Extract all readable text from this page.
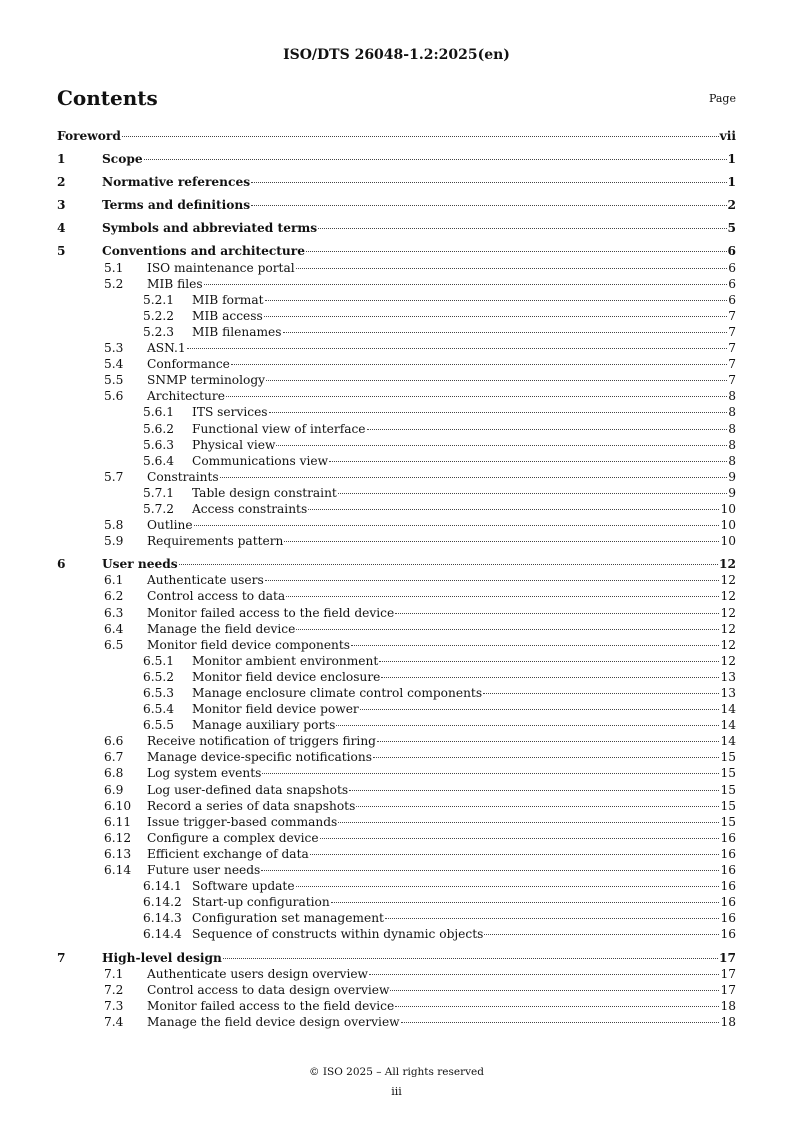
ISO/DTS 26048-1.2:2025(en)
Contents	Page
Foreword	vii
1	Scope	1
2	Normative references	1
3	Terms and definitions	2
4	Symbols and abbreviated terms	5
5	Conventions and architecture	6
5.1 ISO maintenance portal	6
5.2 MIB files	6
5.2.1 MIB format	6
5.2.2 MIB access	7
5.2.3 MIB filenames	7
5.3 ASN.1	7
5.4 Conformance	7
5.5 SNMP terminology	7
5.6 Architecture	8
5.6.1 ITS services	8
5.6.2 Functional view of interface	8
5.6.3 Physical view	8
5.6.4 Communications view	8
5.7 Constraints	9
5.7.1 Table design constraint	9
5.7.2 Access constraints	10
5.8 Outline	10
5.9 Requirements pattern	10
6	User needs	12
6.1 Authenticate users	12
6.2 Control access to data	12
6.3 Monitor failed access to the field device	12
6.4 Manage the field device	12
6.5 Monitor field device components	12
6.5.1 Monitor ambient environment	12
6.5.2 Monitor field device enclosure	13
6.5.3 Manage enclosure climate control components	13
6.5.4 Monitor field device power	14
6.5.5 Manage auxiliary ports	14
6.6 Receive notification of triggers firing	14
6.7 Manage device-specific notifications	15
6.8 Log system events	15
6.9 Log user-defined data snapshots	15
6.10 Record a series of data snapshots	15
6.11 Issue trigger-based commands	15
6.12 Configure a complex device	16
6.13 Efficient exchange of data	16
6.14 Future user needs	16
6.14.1 Software update	16
6.14.2 Start-up configuration	16
6.14.3 Configuration set management	16
6.14.4 Sequence of constructs within dynamic objects	16
7	High-level design	17
7.1 Authenticate users design overview	17
7.2 Control access to data design overview	17
7.3 Monitor failed access to the field device	18
7.4 Manage the field device design overview	18
© ISO 2025 – All rights reserved
iii
